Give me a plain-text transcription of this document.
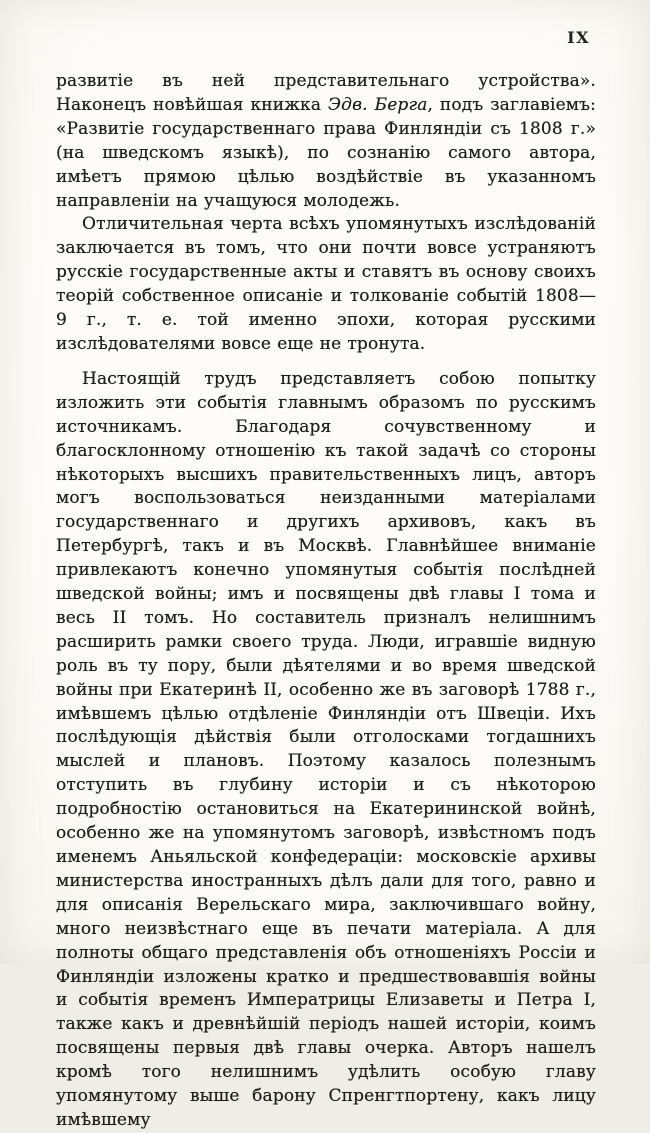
IX

развитіе въ ней представительнаго устройства». Наконецъ новѣйшая книжка Эдв. Берга, подъ заглавіемъ: «Развитіе государственнаго права Финляндіи съ 1808 г.» (на шведскомъ языкѣ), по сознанію самого автора, имѣетъ прямою цѣлью воздѣйствіе въ указанномъ направленіи на учащуюся молодежь.

Отличительная черта всѣхъ упомянутыхъ изслѣдованій заключается въ томъ, что они почти вовсе устраняютъ русскіе государственные акты и ставятъ въ основу своихъ теорій собственное описаніе и толкованіе событій 1808—9 г., т. е. той именно эпохи, которая русскими изслѣдователями вовсе еще не тронута.

Настоящій трудъ представляетъ собою попытку изложить эти событія главнымъ образомъ по русскимъ источникамъ. Благодаря сочувственному и благосклонному отношенію къ такой задачѣ со стороны нѣкоторыхъ высшихъ правительственныхъ лицъ, авторъ могъ воспользоваться неизданными матеріалами государственнаго и другихъ архивовъ, какъ въ Петербургѣ, такъ и въ Москвѣ. Главнѣйшее вниманіе привлекаютъ конечно упомянутыя событія послѣдней шведской войны; имъ и посвящены двѣ главы I тома и весь II томъ. Но составитель призналъ нелишнимъ расширить рамки своего труда. Люди, игравшіе видную роль въ ту пору, были дѣятелями и во время шведской войны при Екатеринѣ II, особенно же въ заговорѣ 1788 г., имѣвшемъ цѣлью отдѣленіе Финляндіи отъ Швеціи. Ихъ послѣдующія дѣйствія были отголосками тогдашнихъ мыслей и плановъ. Поэтому казалось полезнымъ отступить въ глубину исторіи и съ нѣкоторою подробностію остановиться на Екатерининской войнѣ, особенно же на упомянутомъ заговорѣ, извѣстномъ подъ именемъ Аньяльской конфедераціи: московскіе архивы министерства иностранныхъ дѣлъ дали для того, равно и для описанія Верельскаго мира, заключившаго войну, много неизвѣстнаго еще въ печати матеріала. А для полноты общаго представленія объ отношеніяхъ Россіи и Финляндіи изложены кратко и предшествовавшія войны и событія временъ Императрицы Елизаветы и Петра I, также какъ и древнѣйшій періодъ нашей исторіи, коимъ посвящены первыя двѣ главы очерка. Авторъ нашелъ кромѣ того нелишнимъ удѣлить особую главу упомянутому выше барону Спренгтпортену, какъ лицу имѣвшему
